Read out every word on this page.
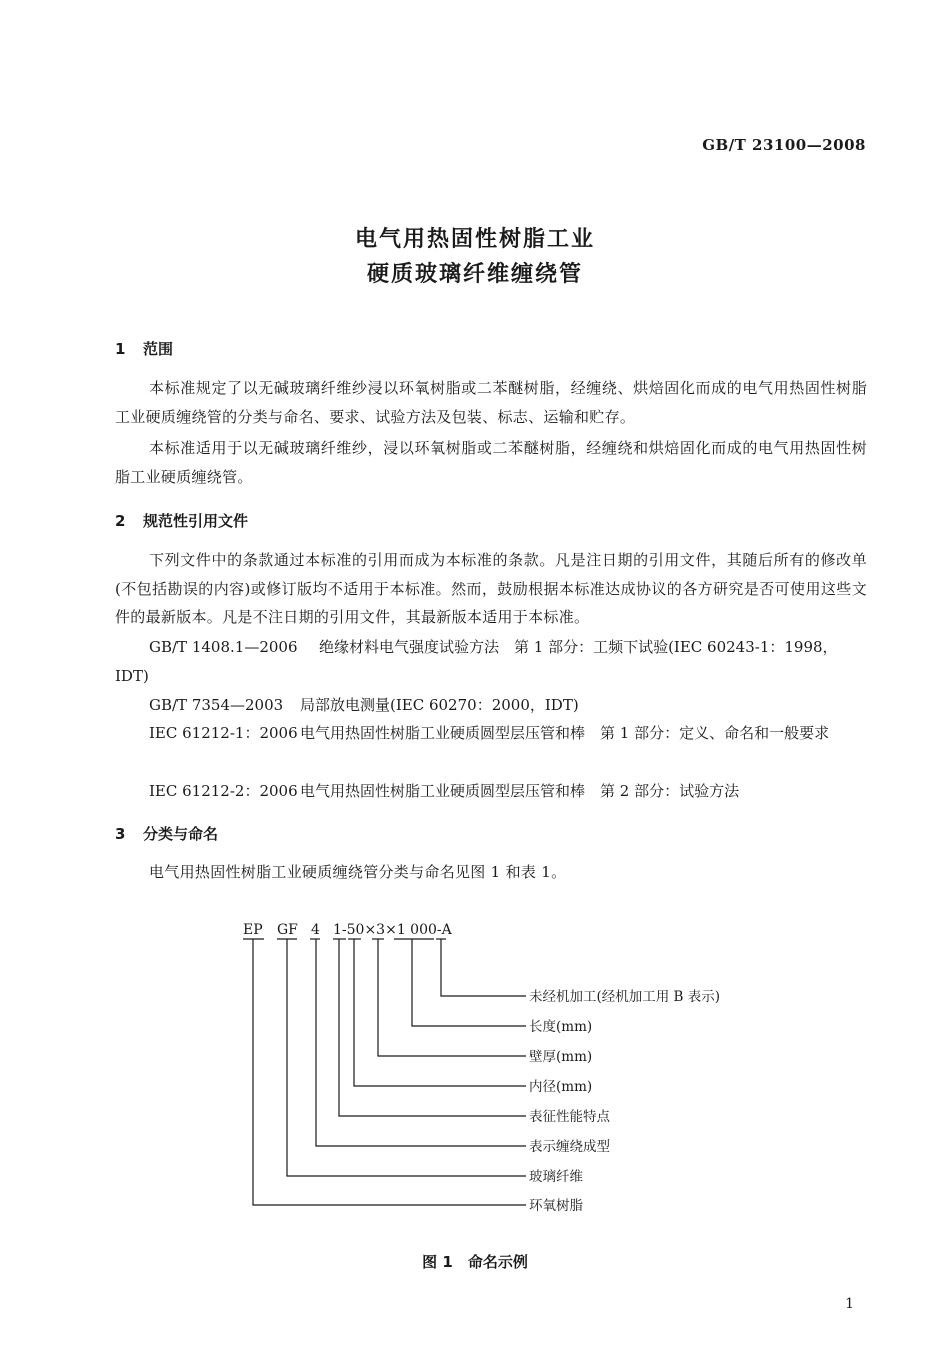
GB/T 23100—2008
电气用热固性树脂工业
硬质玻璃纤维缠绕管
1 范围
本标准规定了以无碱玻璃纤维纱浸以环氧树脂或二苯醚树脂，经缠绕、烘焙固化而成的电气用热固性树脂工业硬质缠绕管的分类与命名、要求、试验方法及包装、标志、运输和贮存。
本标准适用于以无碱玻璃纤维纱，浸以环氧树脂或二苯醚树脂，经缠绕和烘焙固化而成的电气用热固性树脂工业硬质缠绕管。
2 规范性引用文件
下列文件中的条款通过本标准的引用而成为本标准的条款。凡是注日期的引用文件，其随后所有的修改单(不包括勘误的内容)或修订版均不适用于本标准。然而，鼓励根据本标准达成协议的各方研究是否可使用这些文件的最新版本。凡是不注日期的引用文件，其最新版本适用于本标准。
GB/T 1408.1—2006 绝缘材料电气强度试验方法　第 1 部分：工频下试验(IEC 60243-1：1998，IDT)
GB/T 7354—2003 局部放电测量(IEC 60270：2000，IDT)
IEC 61212-1：2006 电气用热固性树脂工业硬质圆型层压管和棒　第 1 部分：定义、命名和一般要求
IEC 61212-2：2006 电气用热固性树脂工业硬质圆型层压管和棒　第 2 部分：试验方法
3 分类与命名
电气用热固性树脂工业硬质缠绕管分类与命名见图 1 和表 1。
EP GF 4 1-50×3×1 000-A
未经机加工(经机加工用 B 表示)
长度(mm)
壁厚(mm)
内径(mm)
表征性能特点
表示缠绕成型
玻璃纤维
环氧树脂
图 1　命名示例
1
